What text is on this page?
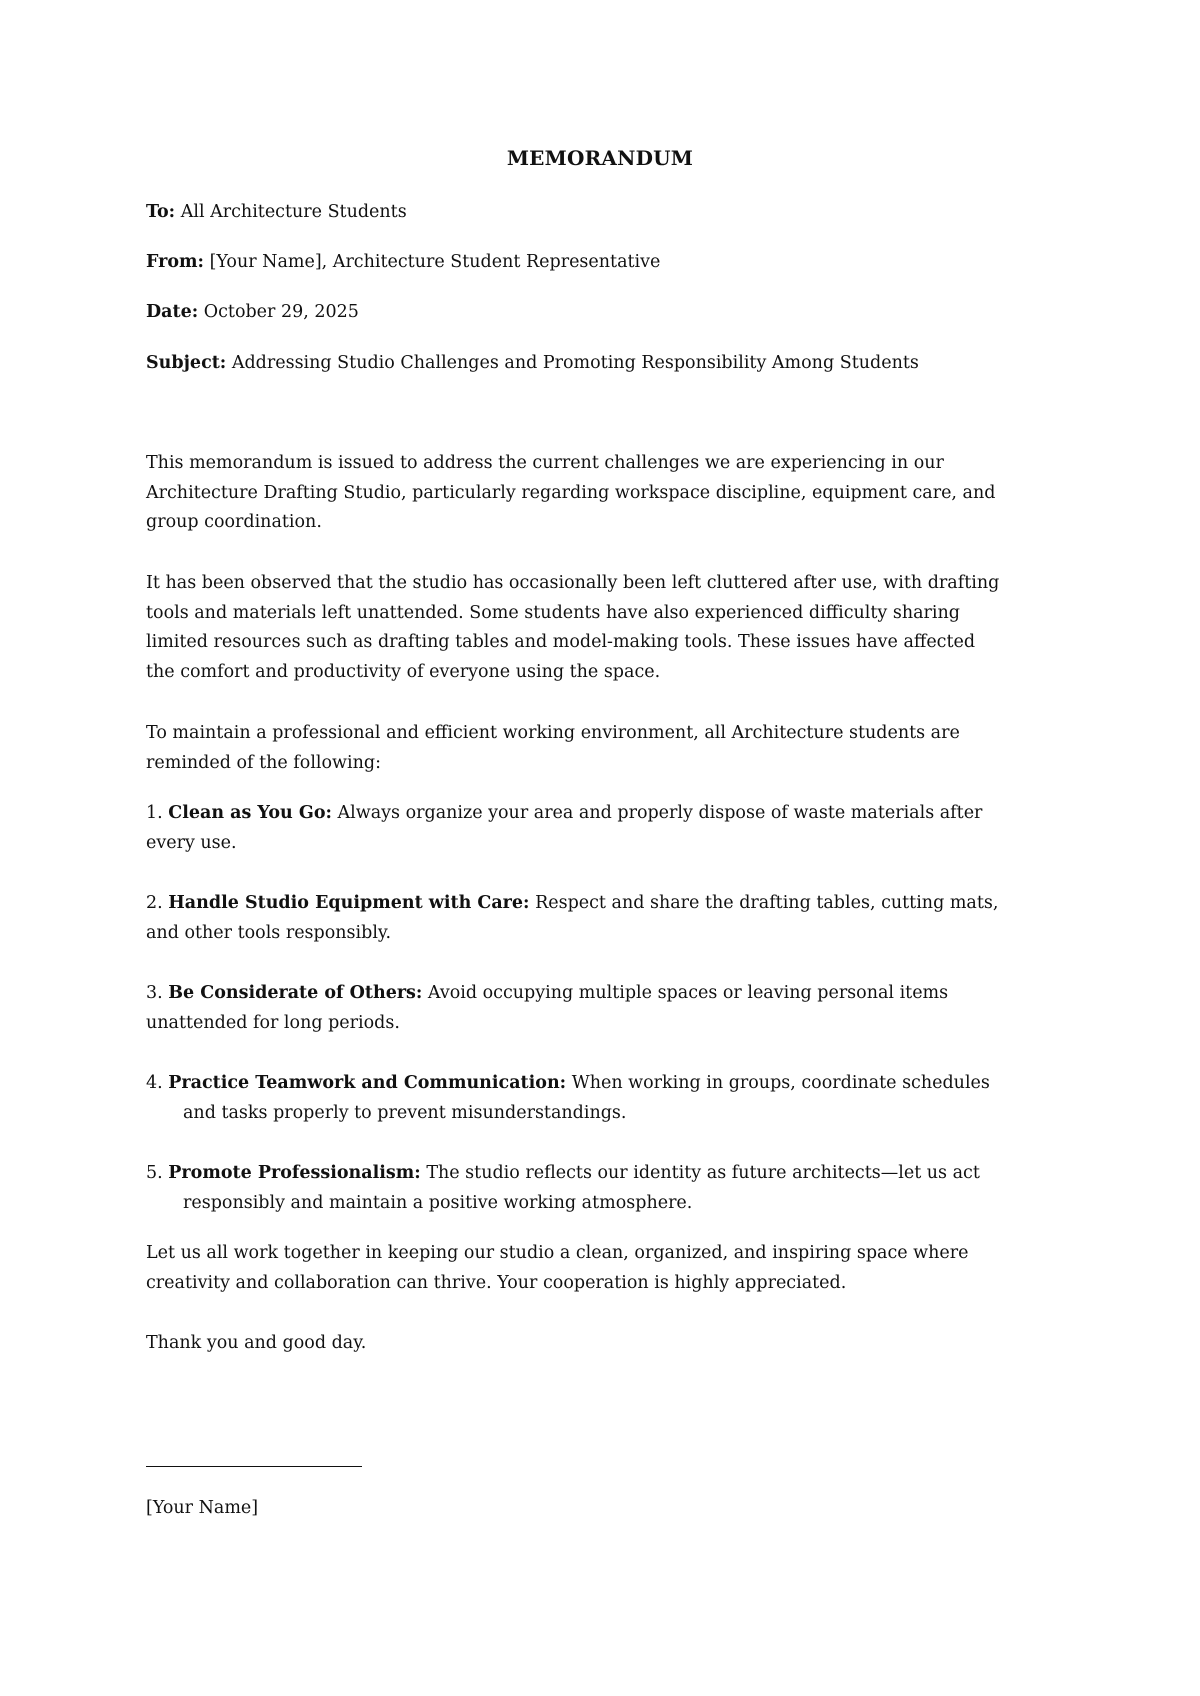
MEMORANDUM
To: All Architecture Students
From: [Your Name], Architecture Student Representative
Date: October 29, 2025
Subject: Addressing Studio Challenges and Promoting Responsibility Among Students
This memorandum is issued to address the current challenges we are experiencing in our
Architecture Drafting Studio, particularly regarding workspace discipline, equipment care, and
group coordination.
It has been observed that the studio has occasionally been left cluttered after use, with drafting
tools and materials left unattended. Some students have also experienced difficulty sharing
limited resources such as drafting tables and model-making tools. These issues have affected
the comfort and productivity of everyone using the space.
To maintain a professional and efficient working environment, all Architecture students are
reminded of the following:
1. Clean as You Go: Always organize your area and properly dispose of waste materials after
every use.
2. Handle Studio Equipment with Care: Respect and share the drafting tables, cutting mats,
and other tools responsibly.
3. Be Considerate of Others: Avoid occupying multiple spaces or leaving personal items
unattended for long periods.
4. Practice Teamwork and Communication: When working in groups, coordinate schedules
and tasks properly to prevent misunderstandings.
5. Promote Professionalism: The studio reflects our identity as future architects—let us act
responsibly and maintain a positive working atmosphere.
Let us all work together in keeping our studio a clean, organized, and inspiring space where
creativity and collaboration can thrive. Your cooperation is highly appreciated.
Thank you and good day.
[Your Name]
